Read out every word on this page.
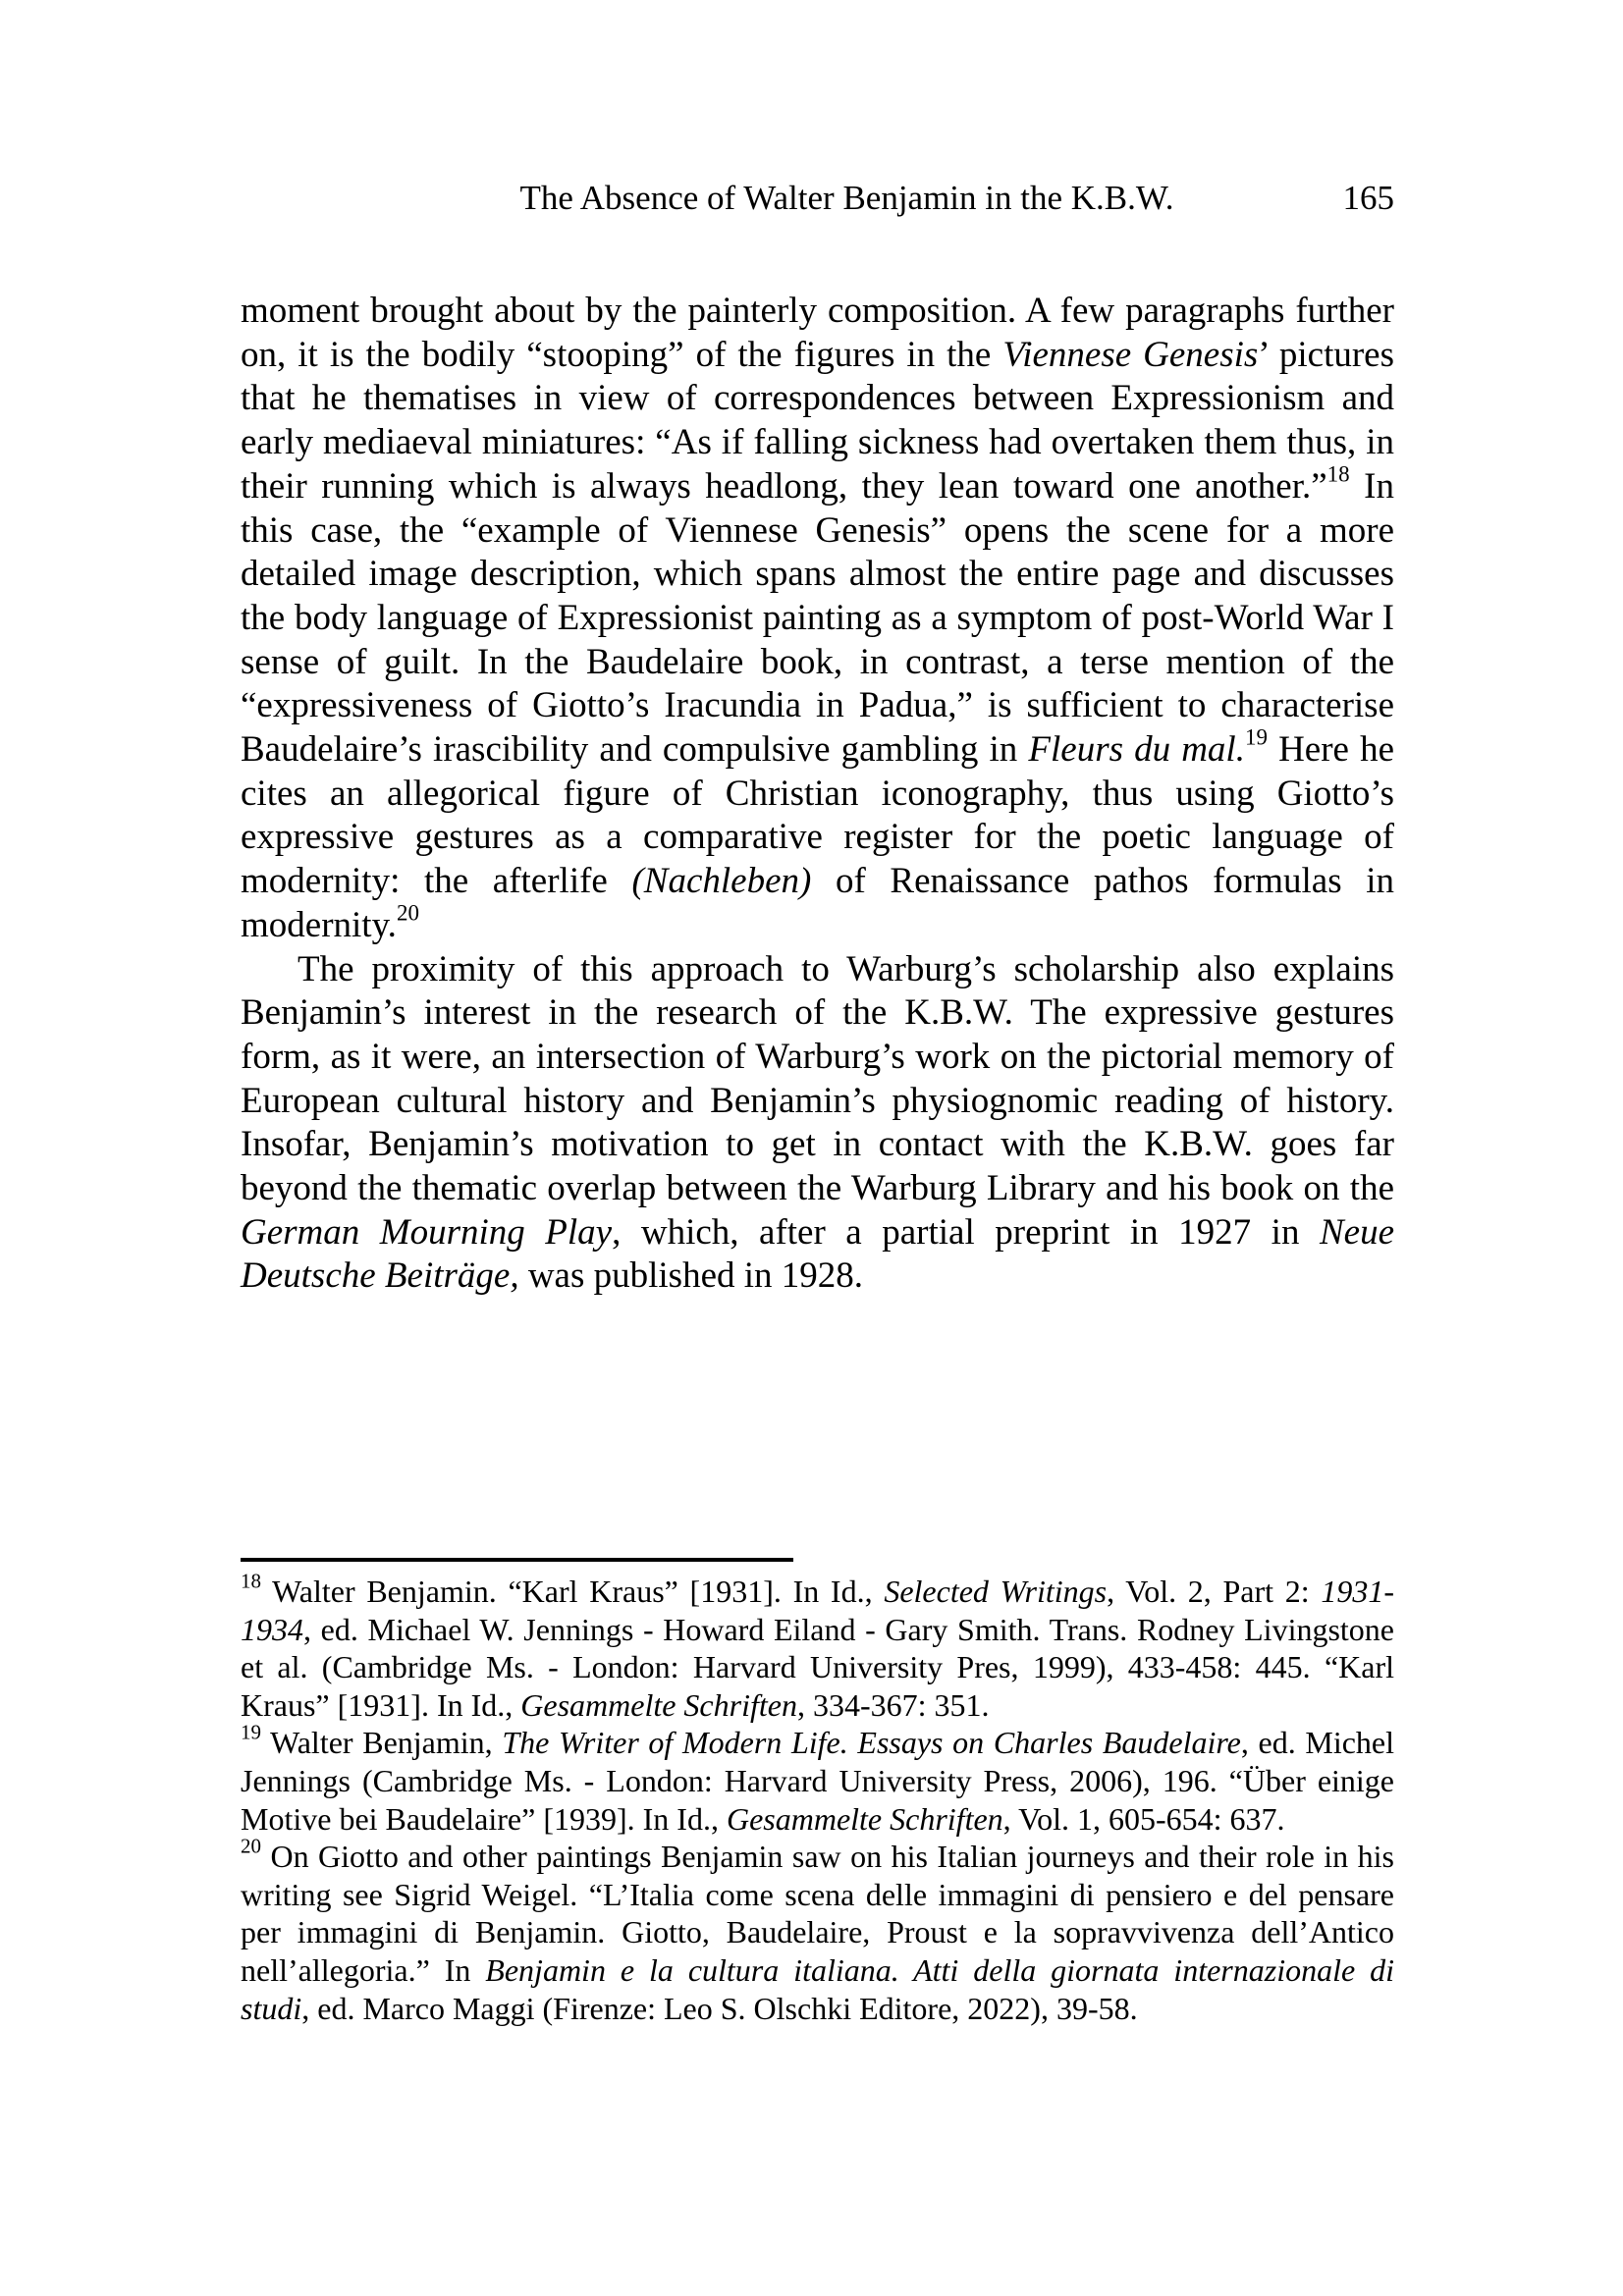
The Absence of Walter Benjamin in the K.B.W.	165

moment brought about by the painterly composition. A few paragraphs further on, it is the bodily “stooping” of the figures in the Viennese Genesis’ pictures that he thematises in view of correspondences between Expressionism and early mediaeval miniatures: “As if falling sickness had overtaken them thus, in their running which is always headlong, they lean toward one another.”$^{18}$ In this case, the “example of Viennese Genesis” opens the scene for a more detailed image description, which spans almost the entire page and discusses the body language of Expressionist painting as a symptom of post-World War I sense of guilt. In the Baudelaire book, in contrast, a terse mention of the “expressiveness of Giotto’s Iracundia in Padua,” is sufficient to characterise Baudelaire’s irascibility and compulsive gambling in Fleurs du mal.$^{19}$ Here he cites an allegorical figure of Christian iconography, thus using Giotto’s expressive gestures as a comparative register for the poetic language of modernity: the afterlife (Nachleben) of Renaissance pathos formulas in modernity.$^{20}$

The proximity of this approach to Warburg’s scholarship also explains Benjamin’s interest in the research of the K.B.W. The expressive gestures form, as it were, an intersection of Warburg’s work on the pictorial memory of European cultural history and Benjamin’s physiognomic reading of history. Insofar, Benjamin’s motivation to get in contact with the K.B.W. goes far beyond the thematic overlap between the Warburg Library and his book on the German Mourning Play, which, after a partial preprint in 1927 in Neue Deutsche Beiträge, was published in 1928.

$^{18}$ Walter Benjamin. “Karl Kraus” [1931]. In Id., Selected Writings, Vol. 2, Part 2: 1931-1934, ed. Michael W. Jennings - Howard Eiland - Gary Smith. Trans. Rodney Livingstone et al. (Cambridge Ms. - London: Harvard University Pres, 1999), 433-458: 445. “Karl Kraus” [1931]. In Id., Gesammelte Schriften, 334-367: 351.

$^{19}$ Walter Benjamin, The Writer of Modern Life. Essays on Charles Baudelaire, ed. Michel Jennings (Cambridge Ms. - London: Harvard University Press, 2006), 196. “Über einige Motive bei Baudelaire” [1939]. In Id., Gesammelte Schriften, Vol. 1, 605-654: 637.

$^{20}$ On Giotto and other paintings Benjamin saw on his Italian journeys and their role in his writing see Sigrid Weigel. “L’Italia come scena delle immagini di pensiero e del pensare per immagini di Benjamin. Giotto, Baudelaire, Proust e la sopravvivenza dell’Antico nell’allegoria.” In Benjamin e la cultura italiana. Atti della giornata internazionale di studi, ed. Marco Maggi (Firenze: Leo S. Olschki Editore, 2022), 39-58.
